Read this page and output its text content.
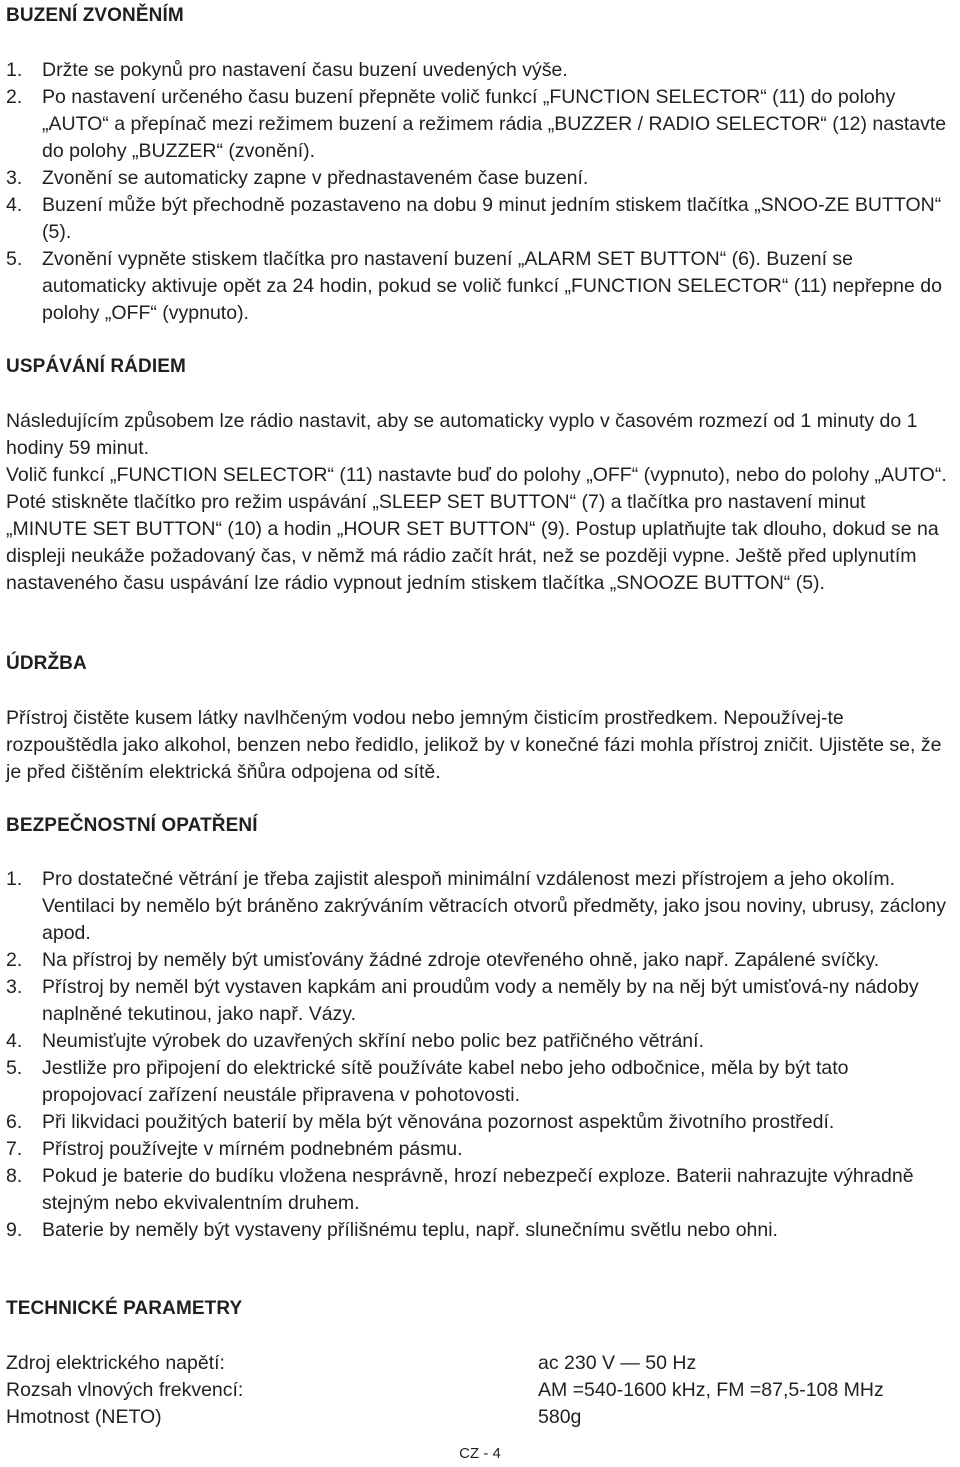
BUZENÍ ZVONĚNÍM
1.	Držte se pokynů pro nastavení času buzení uvedených výše.
2.	Po nastavení určeného času buzení přepněte volič funkcí „FUNCTION SELECTOR“ (11) do polohy „AUTO“ a přepínač mezi režimem buzení a režimem rádia „BUZZER / RADIO SELECTOR“ (12) nastavte do polohy „BUZZER“ (zvonění).
3.	Zvonění se automaticky zapne v přednastaveném čase buzení.
4.	Buzení může být přechodně pozastaveno na dobu 9 minut jedním stiskem tlačítka „SNOO-ZE BUTTON“ (5).
5.	Zvonění vypněte stiskem tlačítka pro nastavení buzení „ALARM SET BUTTON“ (6). Buzení se automaticky aktivuje opět za 24 hodin, pokud se volič funkcí „FUNCTION SELECTOR“ (11) nepřepne do polohy „OFF“ (vypnuto).
USPÁVÁNÍ RÁDIEM

Následujícím způsobem lze rádio nastavit, aby se automaticky vyplo v časovém rozmezí od 1 minuty do 1 hodiny 59 minut.

Volič funkcí „FUNCTION SELECTOR“ (11) nastavte buď do polohy „OFF“ (vypnuto), nebo do polohy „AUTO“. Poté stiskněte tlačítko pro režim uspávání „SLEEP SET BUTTON“ (7) a tlačítka pro nastavení minut „MINUTE SET BUTTON“ (10) a hodin „HOUR SET BUTTON“ (9). Postup uplatňujte tak dlouho, dokud se na displeji neukáže požadovaný čas, v němž má rádio začít hrát, než se později vypne. Ještě před uplynutím nastaveného času uspávání lze rádio vypnout jedním stiskem tlačítka „SNOOZE BUTTON“ (5).

ÚDRŽBA

Přístroj čistěte kusem látky navlhčeným vodou nebo jemným čisticím prostředkem. Nepoužívej-te rozpouštědla jako alkohol, benzen nebo ředidlo, jelikož by v konečné fázi mohla přístroj zničit. Ujistěte se, že je před čištěním elektrická šňůra odpojena od sítě.

BEZPEČNOSTNÍ OPATŘENÍ
1.	Pro dostatečné větrání je třeba zajistit alespoň minimální vzdálenost mezi přístrojem a jeho okolím. Ventilaci by nemělo být bráněno zakrýváním větracích otvorů předměty, jako jsou noviny, ubrusy, záclony apod.
2.	Na přístroj by neměly být umisťovány žádné zdroje otevřeného ohně, jako např. Zapálené svíčky.
3.	Přístroj by neměl být vystaven kapkám ani proudům vody a neměly by na něj být umisťová-ny nádoby naplněné tekutinou, jako např. Vázy.
4.	Neumisťujte výrobek do uzavřených skříní nebo polic bez patřičného větrání.
5.	Jestliže pro připojení do elektrické sítě používáte kabel nebo jeho odbočnice, měla by být tato propojovací zařízení neustále připravena v pohotovosti.
6.	Při likvidaci použitých baterií by měla být věnována pozornost aspektům životního prostředí.
7.	Přístroj používejte v mírném podnebném pásmu.
8.	Pokud je baterie do budíku vložena nesprávně, hrozí nebezpečí exploze. Baterii nahrazujte výhradně stejným nebo ekvivalentním druhem.
9.	Baterie by neměly být vystaveny přílišnému teplu, např. slunečnímu světlu nebo ohni.
TECHNICKÉ PARAMETRY
Zdroj elektrického napětí:	ac 230 V — 50 Hz
Rozsah vlnových frekvencí:	AM =540-1600 kHz, FM =87,5-108 MHz
Hmotnost (NETO)	580g
CZ - 4
